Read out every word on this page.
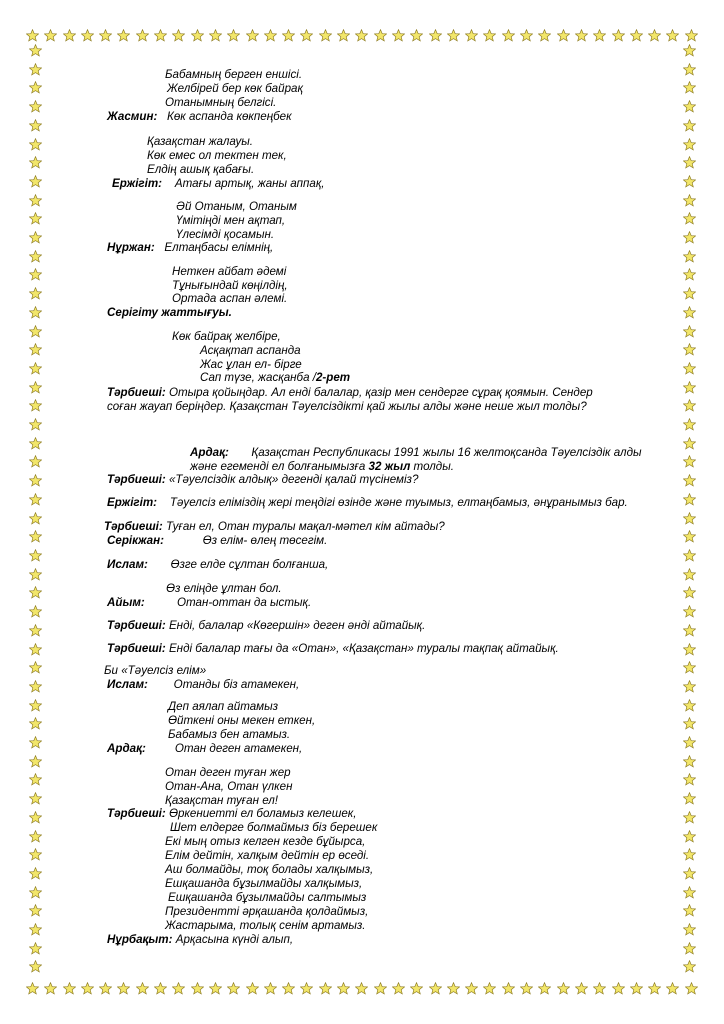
Бабамның берген еншісі.
Желбірей бер көк байрақ
Отанымның белгісі.
Жасмин: Көк аспанда көкпеңбек
Қазақстан жалауы.
Көк емес ол тектен тек,
Елдің ашық қабағы.
Ержігіт: Атағы артық, жаны аппақ,
Әй Отаным, Отаным
Үмітіңді мен ақтап,
Үлесімді қосамын.
Нұржан: Елтаңбасы елімнің,
Неткен айбат әдемі
Тұнығындай көңілдің,
Ортада аспан әлемі.
Серігіту жаттығуы.
Көк байрақ желбіре,
Асқақтап аспанда
Жас ұлан ел- бірге
Сап түзе, жасқанба /2-рет
Тәрбиеші: Отыра қойыңдар. Ал енді балалар, қазір мен сендерге сұрақ қоямын. Сендер соған жауап беріңдер. Қазақстан Тәуелсіздікті қай жылы алды және неше жыл толды?
Ардақ: Қазақстан Республикасы 1991 жылы 16 желтоқсанда Тәуелсіздік алды және егеменді ел болғанымызға 32 жыл толды.
Тәрбиеші: «Тәуелсіздік алдық» дегенді қалай түсінеміз?
Ержігіт: Тәуелсіз еліміздің жері теңдігі өзінде және туымыз, елтаңбамыз, әнұранымыз бар.
Тәрбиеші: Туған ел, Отан туралы мақал-мәтел кім айтады?
Серікжан:	Өз елім- өлең төсегім.
Ислам: Өзге елде сұлтан болғанша,
Өз еліңде ұлтан бол.
Айым:	Отан-оттан да ыстық.
Тәрбиеші: Енді, балалар «Көгершін» деген әнді айтайық.
Тәрбиеші: Енді балалар тағы да «Отан», «Қазақстан» туралы тақпақ айтайық.
Би «Тәуелсіз елім»
Ислам: Отанды біз атамекен,
Деп аялап айтамыз
Өйткені оны мекен еткен,
Бабамыз бен атамыз.
Ардақ:	Отан деген атамекен,
Отан деген туған жер
Отан-Ана, Отан үлкен
Қазақстан туған ел!
Тәрбиеші: Өркениетті ел боламыз келешек,
Шет елдерге болмаймыз біз берешек
Екі мың отыз келген кезде бұйырса,
Елім дейтін, халқым дейтін ер өседі.
Аш болмайды, тоқ болады халқымыз,
Ешқашанда бұзылмайды халқымыз,
Ешқашанда бұзылмайды салтымыз
Президентті әрқашанда қолдаймыз,
Жастарыма, толық сенім артамыз.
Нұрбақыт: Арқасына күнді алып,
